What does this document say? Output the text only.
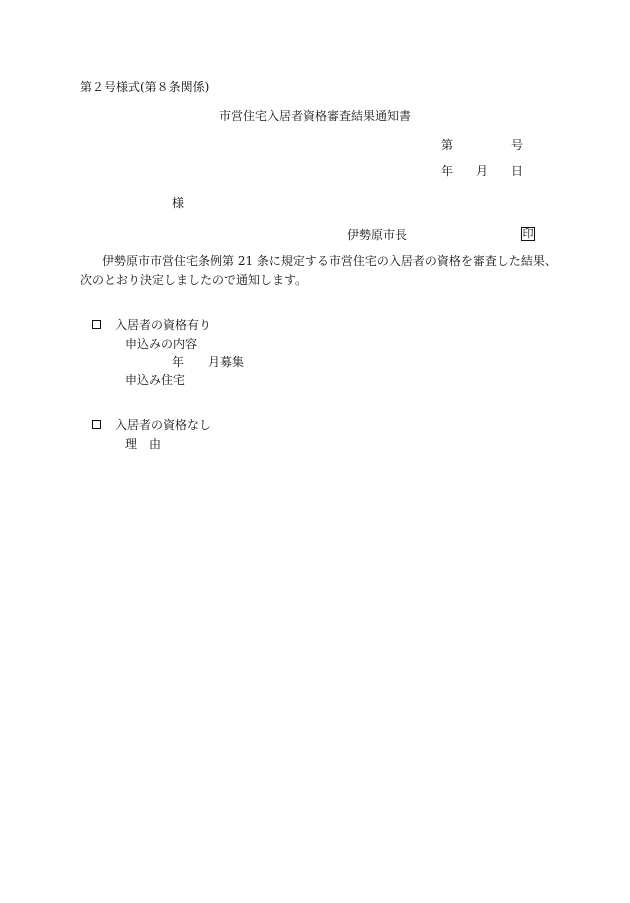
第２号様式(第８条関係)
市営住宅入居者資格審査結果通知書
第	号
年 月 日
様
伊勢原市長	印
伊勢原市市営住宅条例第 21 条に規定する市営住宅の入居者の資格を審査した結果、
次のとおり決定しましたので通知します。
入居者の資格有り
申込みの内容
年 月募集
申込み住宅
入居者の資格なし
理　由
